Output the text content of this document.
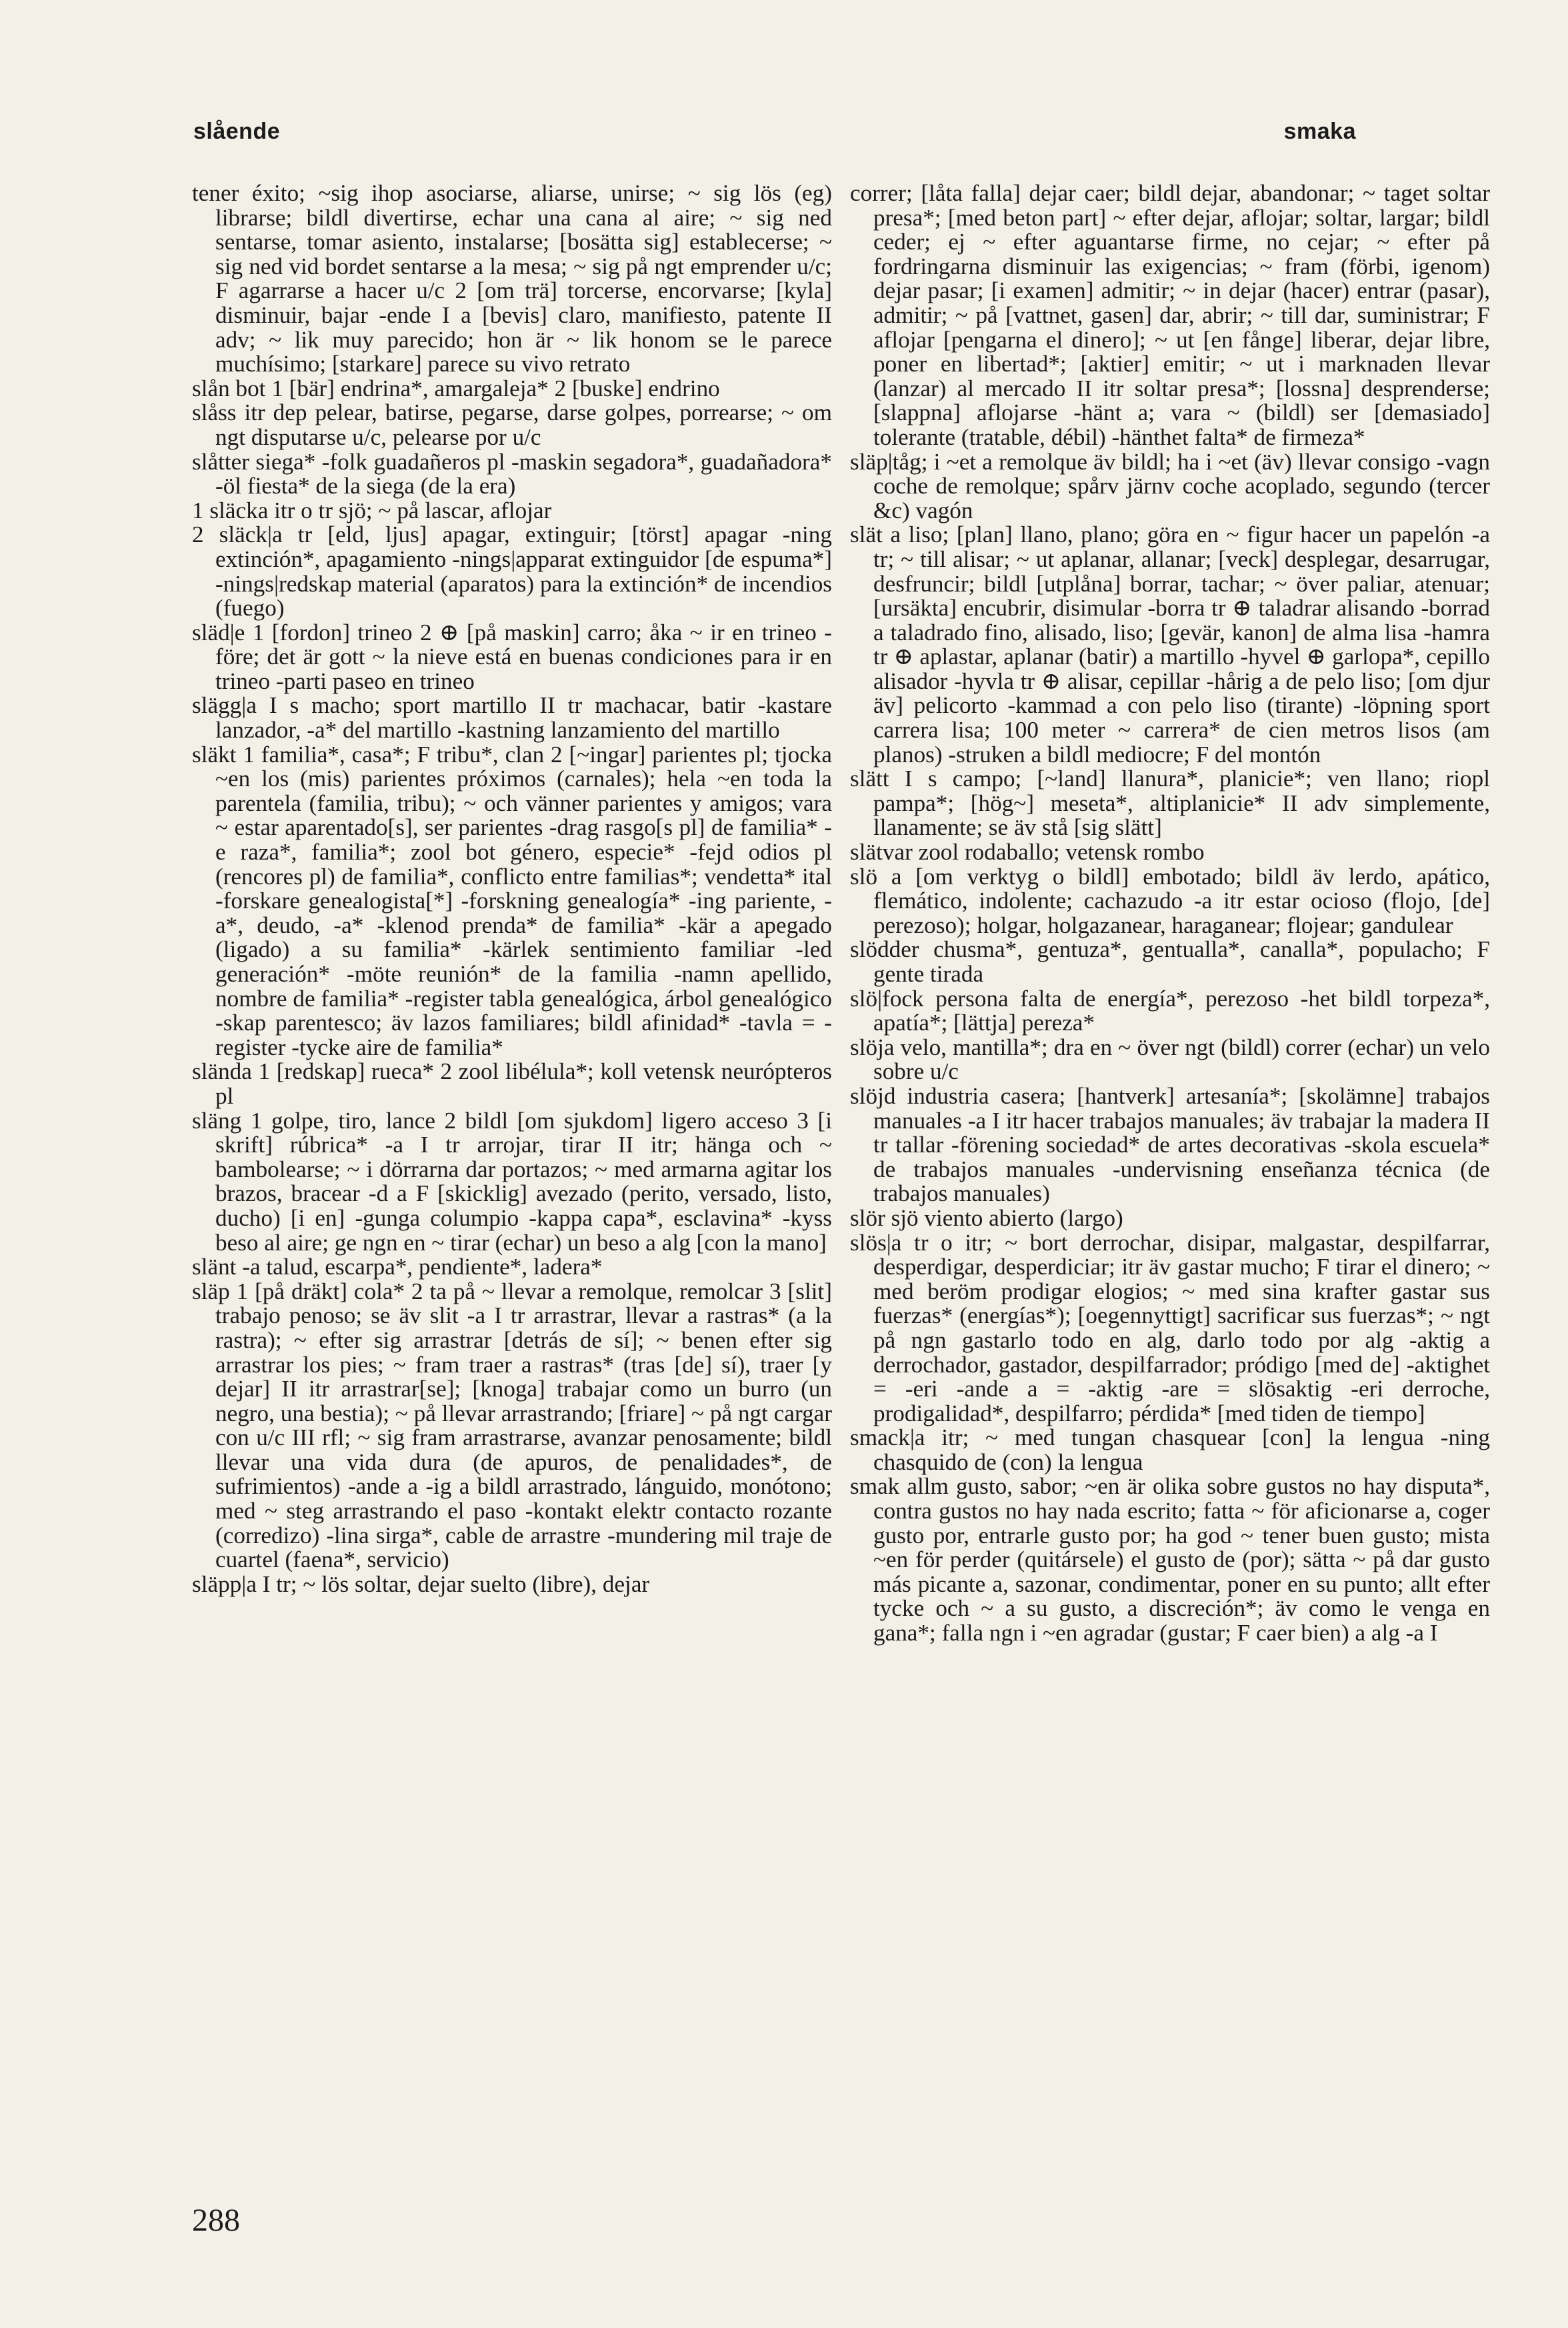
slående	smaka

tener éxito; ~sig ihop asociarse, aliarse, unirse; ~ sig lös (eg) librarse; bildl divertirse, echar una cana al aire; ~ sig ned sentarse, tomar asiento, instalarse; [bosätta sig] establecerse; ~ sig ned vid bordet sentarse a la mesa; ~ sig på ngt emprender u/c; F agarrarse a hacer u/c 2 [om trä] torcerse, encorvarse; [kyla] disminuir, bajar -ende I a [bevis] claro, manifiesto, patente II adv; ~ lik muy parecido; hon är ~ lik honom se le parece muchísimo; [starkare] parece su vivo retrato

slån bot 1 [bär] endrina*, amargaleja* 2 [buske] endrino

slåss itr dep pelear, batirse, pegarse, darse golpes, porrearse; ~ om ngt disputarse u/c, pelearse por u/c

slåtter siega* -folk guadañeros pl -maskin segadora*, guadañadora* -öl fiesta* de la siega (de la era)

1 släcka itr o tr sjö; ~ på lascar, aflojar

2 släck|a tr [eld, ljus] apagar, extinguir; [törst] apagar -ning extinción*, apagamiento -nings|apparat extinguidor [de espuma*] -nings|redskap material (aparatos) para la extinción* de incendios (fuego)

släd|e 1 [fordon] trineo 2 ⊕ [på maskin] carro; åka ~ ir en trineo -före; det är gott ~ la nieve está en buenas condiciones para ir en trineo -parti paseo en trineo

slägg|a I s macho; sport martillo II tr machacar, batir -kastare lanzador, -a* del martillo -kastning lanzamiento del martillo

släkt 1 familia*, casa*; F tribu*, clan 2 [~ingar] parientes pl; tjocka ~en los (mis) parientes próximos (carnales); hela ~en toda la parentela (familia, tribu); ~ och vänner parientes y amigos; vara ~ estar aparentado[s], ser parientes -drag rasgo[s pl] de familia* -e raza*, familia*; zool bot género, especie* -fejd odios pl (rencores pl) de familia*, conflicto entre familias*; vendetta* ital -forskare genealogista[*] -forskning genealogía* -ing pariente, -a*, deudo, -a* -klenod prenda* de familia* -kär a apegado (ligado) a su familia* -kärlek sentimiento familiar -led generación* -möte reunión* de la familia -namn apellido, nombre de familia* -register tabla genealógica, árbol genealógico -skap parentesco; äv lazos familiares; bildl afinidad* -tavla = -register -tycke aire de familia*

slända 1 [redskap] rueca* 2 zool libélula*; koll vetensk neurópteros pl

släng 1 golpe, tiro, lance 2 bildl [om sjukdom] ligero acceso 3 [i skrift] rúbrica* -a I tr arrojar, tirar II itr; hänga och ~ bambolearse; ~ i dörrarna dar portazos; ~ med armarna agitar los brazos, bracear -d a F [skicklig] avezado (perito, versado, listo, ducho) [i en] -gunga columpio -kappa capa*, esclavina* -kyss beso al aire; ge ngn en ~ tirar (echar) un beso a alg [con la mano]

slänt -a talud, escarpa*, pendiente*, ladera*

släp 1 [på dräkt] cola* 2 ta på ~ llevar a remolque, remolcar 3 [slit] trabajo penoso; se äv slit -a I tr arrastrar, llevar a rastras* (a la rastra); ~ efter sig arrastrar [detrás de sí]; ~ benen efter sig arrastrar los pies; ~ fram traer a rastras* (tras [de] sí), traer [y dejar] II itr arrastrar[se]; [knoga] trabajar como un burro (un negro, una bestia); ~ på llevar arrastrando; [friare] ~ på ngt cargar con u/c III rfl; ~ sig fram arrastrarse, avanzar penosamente; bildl llevar una vida dura (de apuros, de penalidades*, de sufrimientos) -ande a -ig a bildl arrastrado, lánguido, monótono; med ~ steg arrastrando el paso -kontakt elektr contacto rozante (corredizo) -lina sirga*, cable de arrastre -mundering mil traje de cuartel (faena*, servicio)

släpp|a I tr; ~ lös soltar, dejar suelto (libre), dejar

correr; [låta falla] dejar caer; bildl dejar, abandonar; ~ taget soltar presa*; [med beton part] ~ efter dejar, aflojar; soltar, largar; bildl ceder; ej ~ efter aguantarse firme, no cejar; ~ efter på fordringarna disminuir las exigencias; ~ fram (förbi, igenom) dejar pasar; [i examen] admitir; ~ in dejar (hacer) entrar (pasar), admitir; ~ på [vattnet, gasen] dar, abrir; ~ till dar, suministrar; F aflojar [pengarna el dinero]; ~ ut [en fånge] liberar, dejar libre, poner en libertad*; [aktier] emitir; ~ ut i marknaden llevar (lanzar) al mercado II itr soltar presa*; [lossna] desprenderse; [slappna] aflojarse -hänt a; vara ~ (bildl) ser [demasiado] tolerante (tratable, débil) -hänthet falta* de firmeza*

släp|tåg; i ~et a remolque äv bildl; ha i ~et (äv) llevar consigo -vagn coche de remolque; spårv järnv coche acoplado, segundo (tercer &c) vagón

slät a liso; [plan] llano, plano; göra en ~ figur hacer un papelón -a tr; ~ till alisar; ~ ut aplanar, allanar; [veck] desplegar, desarrugar, desfruncir; bildl [utplåna] borrar, tachar; ~ över paliar, atenuar; [ursäkta] encubrir, disimular -borra tr ⊕ taladrar alisando -borrad a taladrado fino, alisado, liso; [gevär, kanon] de alma lisa -hamra tr ⊕ aplastar, aplanar (batir) a martillo -hyvel ⊕ garlopa*, cepillo alisador -hyvla tr ⊕ alisar, cepillar -hårig a de pelo liso; [om djur äv] pelicorto -kammad a con pelo liso (tirante) -löpning sport carrera lisa; 100 meter ~ carrera* de cien metros lisos (am planos) -struken a bildl mediocre; F del montón

slätt I s campo; [~land] llanura*, planicie*; ven llano; riopl pampa*; [hög~] meseta*, altiplanicie* II adv simplemente, llanamente; se äv stå [sig slätt]

slätvar zool rodaballo; vetensk rombo

slö a [om verktyg o bildl] embotado; bildl äv lerdo, apático, flemático, indolente; cachazudo -a itr estar ocioso (flojo, [de] perezoso); holgar, holgazanear, haraganear; flojear; gandulear

slödder chusma*, gentuza*, gentualla*, canalla*, populacho; F gente tirada

slö|fock persona falta de energía*, perezoso -het bildl torpeza*, apatía*; [lättja] pereza*

slöja velo, mantilla*; dra en ~ över ngt (bildl) correr (echar) un velo sobre u/c

slöjd industria casera; [hantverk] artesanía*; [skolämne] trabajos manuales -a I itr hacer trabajos manuales; äv trabajar la madera II tr tallar -förening sociedad* de artes decorativas -skola escuela* de trabajos manuales -undervisning enseñanza técnica (de trabajos manuales)

slör sjö viento abierto (largo)

slös|a tr o itr; ~ bort derrochar, disipar, malgastar, despilfarrar, desperdigar, desperdiciar; itr äv gastar mucho; F tirar el dinero; ~ med beröm prodigar elogios; ~ med sina krafter gastar sus fuerzas* (energías*); [oegennyttigt] sacrificar sus fuerzas*; ~ ngt på ngn gastarlo todo en alg, darlo todo por alg -aktig a derrochador, gastador, despilfarrador; pródigo [med de] -aktighet = -eri -ande a = -aktig -are = slösaktig -eri derroche, prodigalidad*, despilfarro; pérdida* [med tiden de tiempo]

smack|a itr; ~ med tungan chasquear [con] la lengua -ning chasquido de (con) la lengua

smak allm gusto, sabor; ~en är olika sobre gustos no hay disputa*, contra gustos no hay nada escrito; fatta ~ för aficionarse a, coger gusto por, entrarle gusto por; ha god ~ tener buen gusto; mista ~en för perder (quitársele) el gusto de (por); sätta ~ på dar gusto más picante a, sazonar, condimentar, poner en su punto; allt efter tycke och ~ a su gusto, a discreción*; äv como le venga en gana*; falla ngn i ~en agradar (gustar; F caer bien) a alg -a I

288
